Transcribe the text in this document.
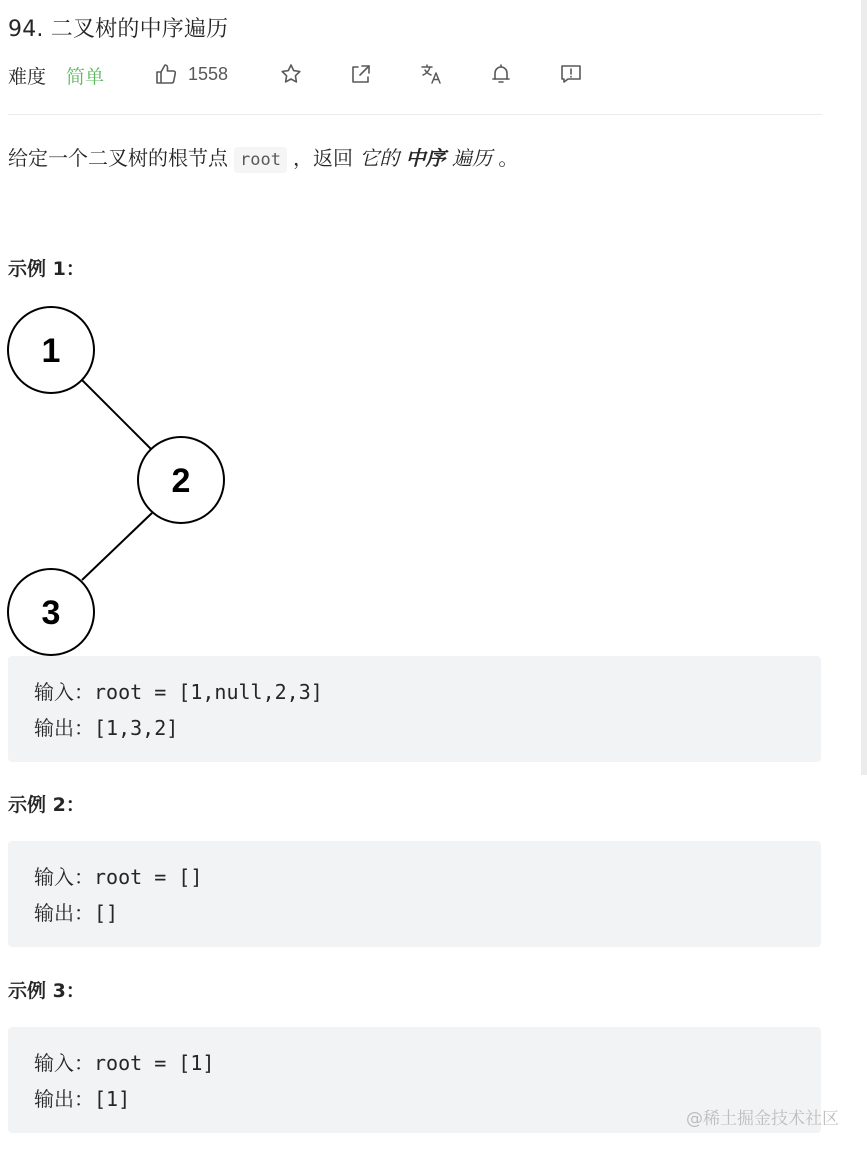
94. 二叉树的中序遍历
难度 简单	1558
给定一个二叉树的根节点 root ，返回 它的 中序 遍历 。
示例 1：
1
2
3
输入：root = [1,null,2,3]
输出：[1,3,2]
示例 2：
输入：root = []
输出：[]
示例 3：
输入：root = [1]
输出：[1]
@稀土掘金技术社区
